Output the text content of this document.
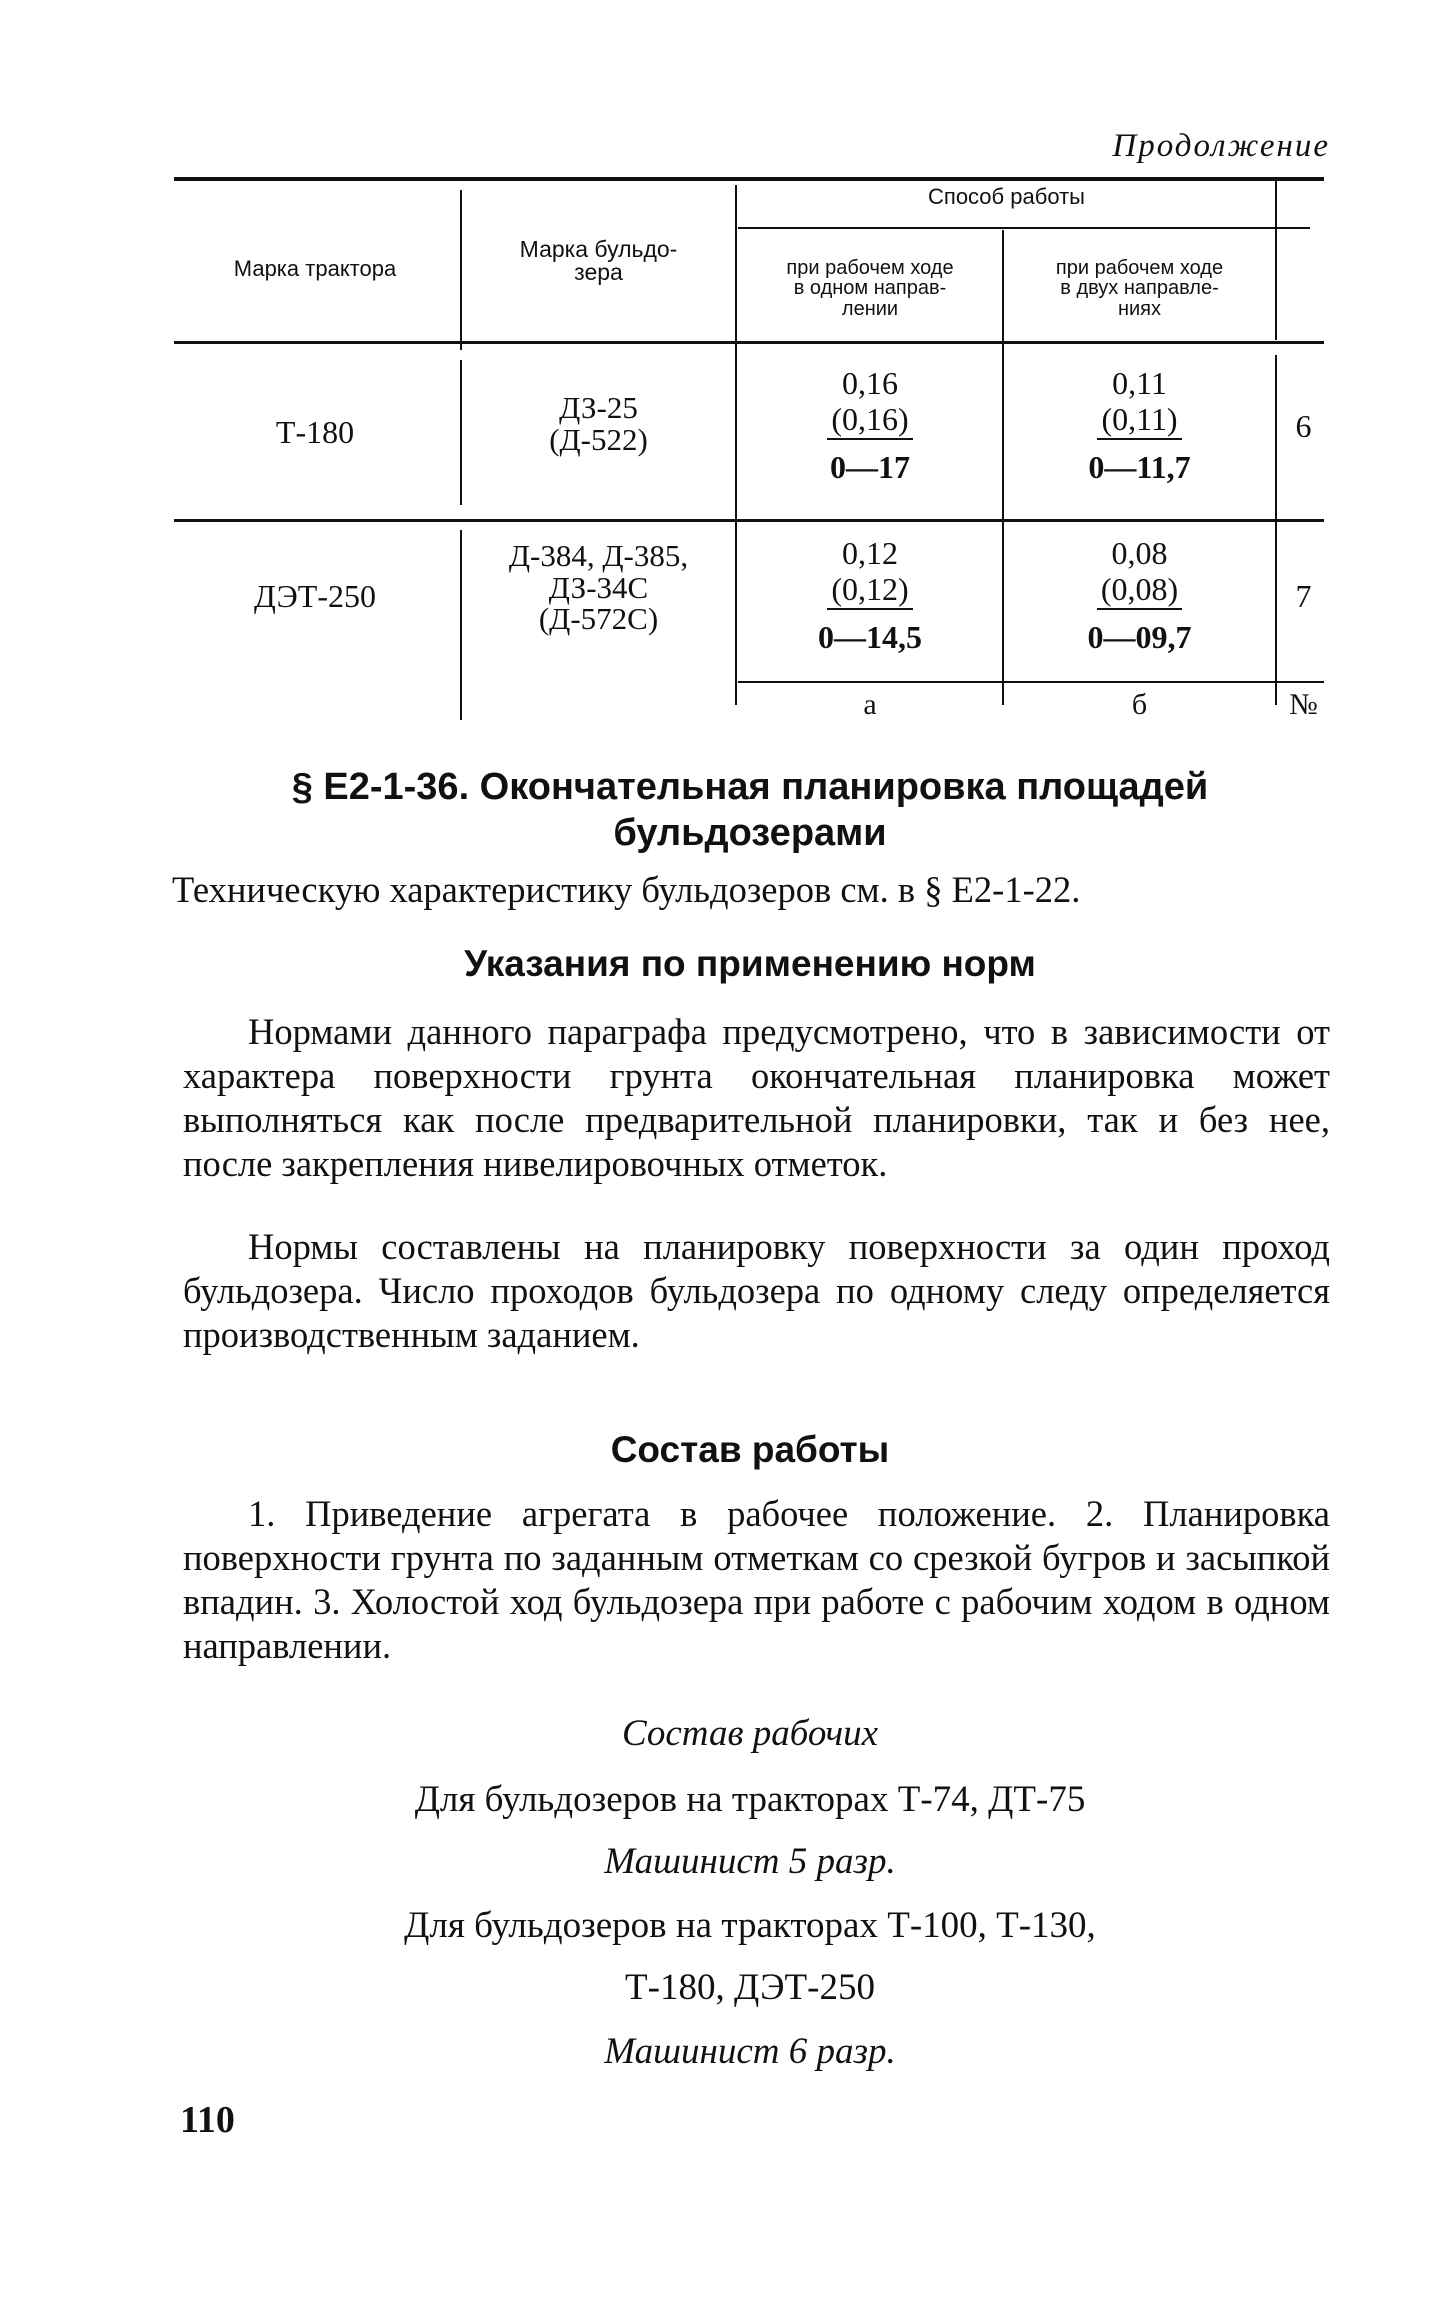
Продолжение
Марка трактора
Марка бульдо-
зера
Способ работы
при рабочем ходе
в одном направ-
лении
при рабочем ходе
в двух направле-
ниях
Т-180
ДЗ-25
(Д-522)
0,16
(0,16)
0—17
0,11
(0,11)
0—11,7
6
ДЭТ-250
Д-384, Д-385,
ДЗ-34С
(Д-572С)
0,12
(0,12)
0—14,5
0,08
(0,08)
0—09,7
7
а	б	№
§ Е2-1-36. Окончательная планировка площадей
бульдозерами
Техническую характеристику бульдозеров см. в § Е2-1-22.
Указания по применению норм
Нормами данного параграфа предусмотрено, что в зависимости от характера поверхности грунта окончательная планировка может выполняться как после предварительной планировки, так и без нее, после закрепления нивелировочных отметок.
Нормы составлены на планировку поверхности за один проход бульдозера. Число проходов бульдозера по одному следу определяется производственным заданием.
Состав работы
1. Приведение агрегата в рабочее положение. 2. Планировка поверхности грунта по заданным отметкам со срезкой бугров и засыпкой впадин. 3. Холостой ход бульдозера при работе с рабочим ходом в одном направлении.
Состав рабочих
Для бульдозеров на тракторах Т-74, ДТ-75
Машинист 5 разр.
Для бульдозеров на тракторах Т-100, Т-130,
Т-180, ДЭТ-250
Машинист 6 разр.
110
